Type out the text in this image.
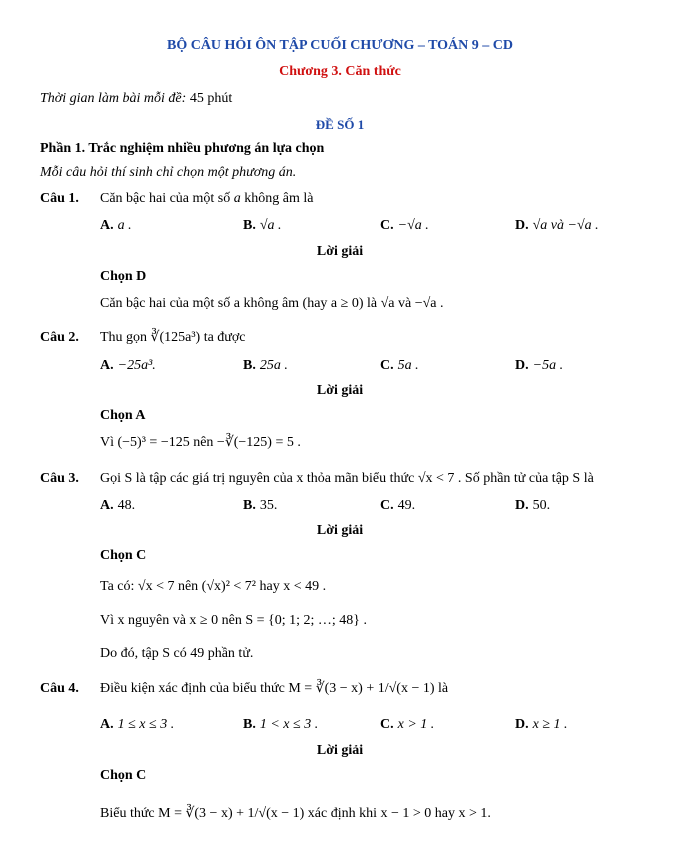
BỘ CÂU HỎI ÔN TẬP CUỐI CHƯƠNG – TOÁN 9 – CD
Chương 3. Căn thức
Thời gian làm bài mỗi đề: 45 phút
ĐỀ SỐ 1
Phần 1. Trắc nghiệm nhiều phương án lựa chọn
Mỗi câu hỏi thí sinh chỉ chọn một phương án.
Câu 1. Căn bậc hai của một số a không âm là
A. a .	B. √a .	C. −√a .	D. √a và −√a .
Lời giải
Chọn D
Căn bậc hai của một số a không âm (hay a ≥ 0) là √a và −√a .
Câu 2. Thu gọn ∛(125a³) ta được
A. −25a³.	B. 25a .	C. 5a .	D. −5a .
Lời giải
Chọn A
Vì (−5)³ = −125 nên −∛(−125) = 5 .
Câu 3. Gọi S là tập các giá trị nguyên của x thỏa mãn biểu thức √x < 7 . Số phần tử của tập S là
A. 48.	B. 35.	C. 49.	D. 50.
Lời giải
Chọn C
Ta có: √x < 7 nên (√x)² < 7² hay x < 49 .
Vì x nguyên và x ≥ 0 nên S = {0; 1; 2; …; 48} .
Do đó, tập S có 49 phần tử.
Câu 4. Điều kiện xác định của biểu thức M = ∛(3 − x) + 1/√(x − 1) là
A. 1 ≤ x ≤ 3 .	B. 1 < x ≤ 3 .	C. x > 1 .	D. x ≥ 1 .
Lời giải
Chọn C
Biểu thức M = ∛(3 − x) + 1/√(x − 1) xác định khi x − 1 > 0 hay x > 1.
